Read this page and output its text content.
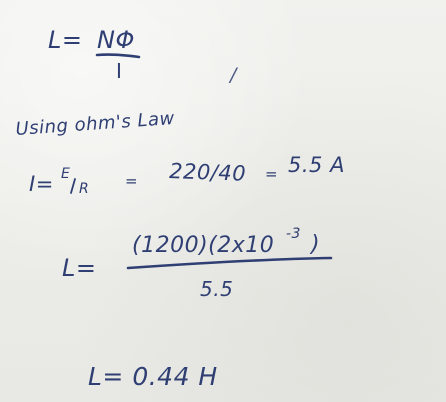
L= NΦ
I	/
Using ohm's Law
I= E
R = 220/40 = 5.5 A
L=
(1200)(2x10 -3 )
5.5
L= 0.44 H
